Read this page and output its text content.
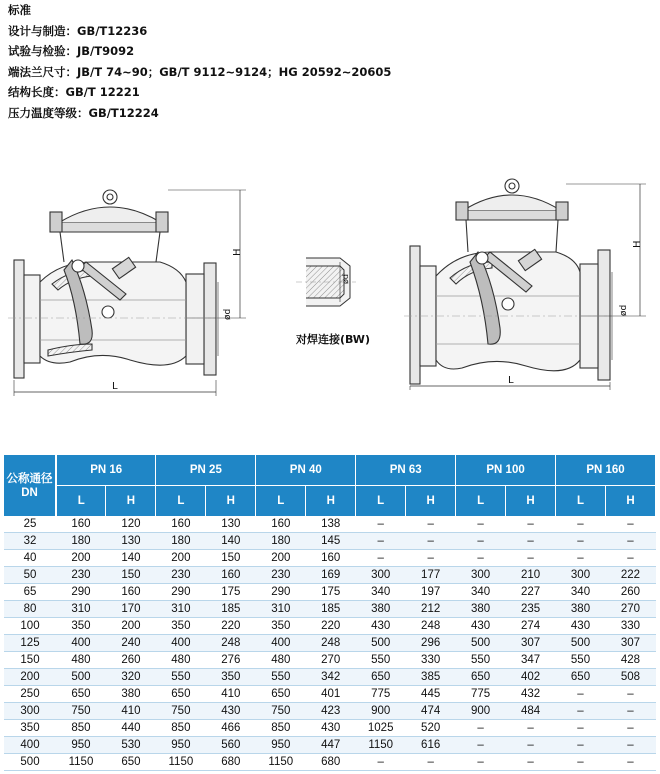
标准
设计与制造：GB/T12236
试验与检验：JB/T9092
端法兰尺寸：JB/T 74~90；GB/T 9112~9124；HG 20592~20605
结构长度：GB/T 12221
压力温度等级：GB/T12224
H
ød
L
ød
H
ød
L
对焊连接(BW)
公称通径
DN	PN 16		PN 25		PN 40		PN 63		PN 100		PN 160	
	L	H	L	H	L	H	L	H	L	H	L	H
25	160	120	160	130	160	138	–	–	–	–	–	–
32	180	130	180	140	180	145	–	–	–	–	–	–
40	200	140	200	150	200	160	–	–	–	–	–	–
50	230	150	230	160	230	169	300	177	300	210	300	222
65	290	160	290	175	290	175	340	197	340	227	340	260
80	310	170	310	185	310	185	380	212	380	235	380	270
100	350	200	350	220	350	220	430	248	430	274	430	330
125	400	240	400	248	400	248	500	296	500	307	500	307
150	480	260	480	276	480	270	550	330	550	347	550	428
200	500	320	550	350	550	342	650	385	650	402	650	508
250	650	380	650	410	650	401	775	445	775	432	–	–
300	750	410	750	430	750	423	900	474	900	484	–	–
350	850	440	850	466	850	430	1025	520	–	–	–	–
400	950	530	950	560	950	447	1150	616	–	–	–	–
500	1150	650	1150	680	1150	680	–	–	–	–	–	–
